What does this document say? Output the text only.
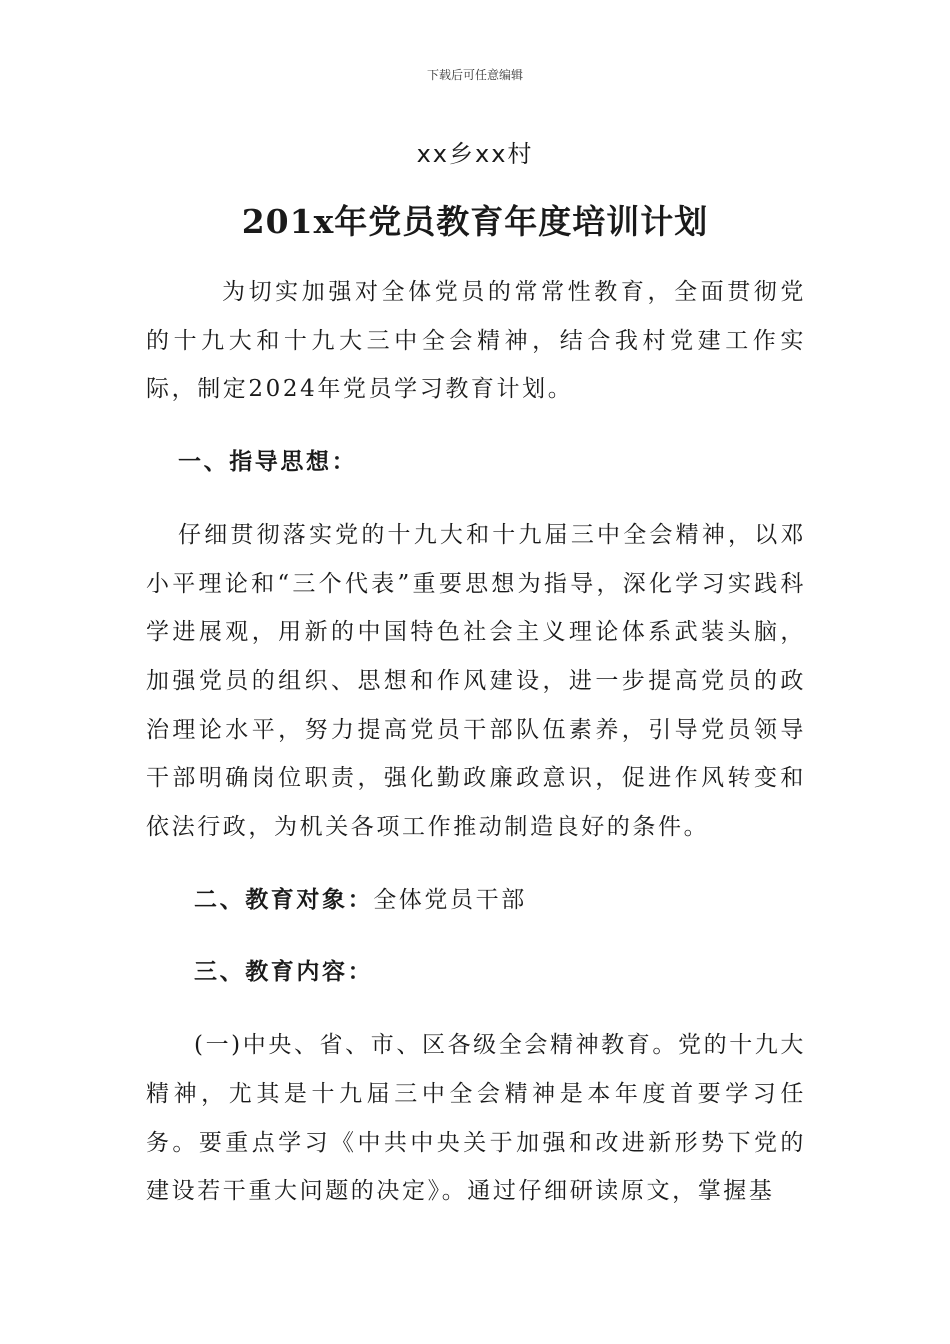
下载后可任意编辑
xx乡xx村
201x年党员教育年度培训计划

为切实加强对全体党员的常常性教育，全面贯彻党的十九大和十九大三中全会精神，结合我村党建工作实际，制定2024年党员学习教育计划。

一、指导思想：

仔细贯彻落实党的十九大和十九届三中全会精神，以邓小平理论和“三个代表”重要思想为指导，深化学习实践科学进展观，用新的中国特色社会主义理论体系武装头脑，加强党员的组织、思想和作风建设，进一步提高党员的政治理论水平，努力提高党员干部队伍素养，引导党员领导干部明确岗位职责，强化勤政廉政意识，促进作风转变和依法行政，为机关各项工作推动制造良好的条件。

二、教育对象：全体党员干部

三、教育内容：

(一)中央、省、市、区各级全会精神教育。党的十九大精神，尤其是十九届三中全会精神是本年度首要学习任务。要重点学习《中共中央关于加强和改进新形势下党的建设若干重大问题的决定》。通过仔细研读原文，掌握基
